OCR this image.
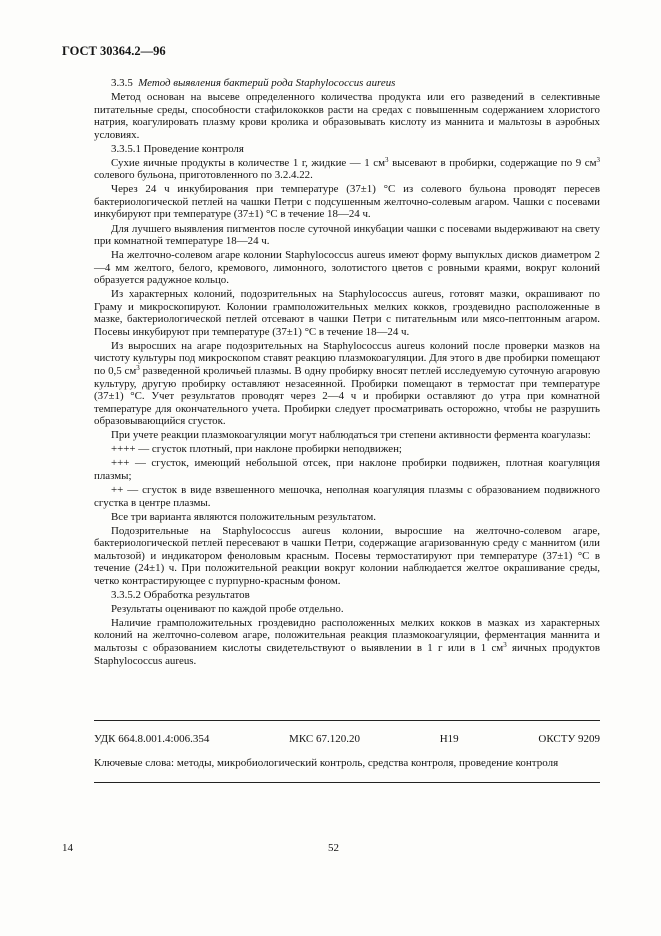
ГОСТ 30364.2—96

3.3.5 Метод выявления бактерий рода Staphylococcus aureus

Метод основан на высеве определенного количества продукта или его разведений в селективные питательные среды, способности стафилококков расти на средах с повышенным содержанием хлористого натрия, коагулировать плазму крови кролика и образовывать кислоту из маннита и мальтозы в аэробных условиях.

3.3.5.1 Проведение контроля

Сухие яичные продукты в количестве 1 г, жидкие — 1 $см^3$ высевают в пробирки, содержащие по 9 $см^3$ солевого бульона, приготовленного по 3.2.4.22.

Через 24 ч инкубирования при температуре (37±1) °С из солевого бульона проводят пересев бактериологической петлей на чашки Петри с подсушенным желточно-солевым агаром. Чашки с посевами инкубируют при температуре (37±1) °С в течение 18—24 ч.

Для лучшего выявления пигментов после суточной инкубации чашки с посевами выдерживают на свету при комнатной температуре 18—24 ч.

На желточно-солевом агаре колонии Staphylococcus aureus имеют форму выпуклых дисков диаметром 2—4 мм желтого, белого, кремового, лимонного, золотистого цветов с ровными краями, вокруг колоний образуется радужное кольцо.

Из характерных колоний, подозрительных на Staphylococcus aureus, готовят мазки, окрашивают по Граму и микроскопируют. Колонии грамположительных мелких кокков, гроздевидно расположенные в мазке, бактериологической петлей отсевают в чашки Петри с питательным или мясо-пептонным агаром. Посевы инкубируют при температуре (37±1) °С в течение 18—24 ч.

Из выросших на агаре подозрительных на Staphylococcus aureus колоний после проверки мазков на чистоту культуры под микроскопом ставят реакцию плазмокоагуляции. Для этого в две пробирки помещают по 0,5 $см^3$ разведенной кроличьей плазмы. В одну пробирку вносят петлей исследуемую суточную агаровую культуру, другую пробирку оставляют незасеянной. Пробирки помещают в термостат при температуре (37±1) °С. Учет результатов проводят через 2—4 ч и пробирки оставляют до утра при комнатной температуре для окончательного учета. Пробирки следует просматривать осторожно, чтобы не разрушить образовывающийся сгусток.

При учете реакции плазмокоагуляции могут наблюдаться три степени активности фермента коагулазы:

++++ — сгусток плотный, при наклоне пробирки неподвижен;

+++ — сгусток, имеющий небольшой отсек, при наклоне пробирки подвижен, плотная коагуляция плазмы;

++ — сгусток в виде взвешенного мешочка, неполная коагуляция плазмы с образованием подвижного сгустка в центре плазмы.

Все три варианта являются положительным результатом.

Подозрительные на Staphylococcus aureus колонии, выросшие на желточно-солевом агаре, бактериологической петлей пересевают в чашки Петри, содержащие агаризованную среду с маннитом (или мальтозой) и индикатором феноловым красным. Посевы термостатируют при температуре (37±1) °С в течение (24±1) ч. При положительной реакции вокруг колонии наблюдается желтое окрашивание среды, четко контрастирующее с пурпурно-красным фоном.

3.3.5.2 Обработка результатов

Результаты оценивают по каждой пробе отдельно.

Наличие грамположительных гроздевидно расположенных мелких кокков в мазках из характерных колоний на желточно-солевом агаре, положительная реакция плазмокоагуляции, ферментация маннита и мальтозы с образованием кислоты свидетельствуют о выявлении в 1 г или в 1 $см^3$ яичных продуктов Staphylococcus aureus.

УДК 664.8.001.4:006.354	МКС 67.120.20	Н19	ОКСТУ 9209
Ключевые слова: методы, микробиологический контроль, средства контроля, проведение контроля
14	52
